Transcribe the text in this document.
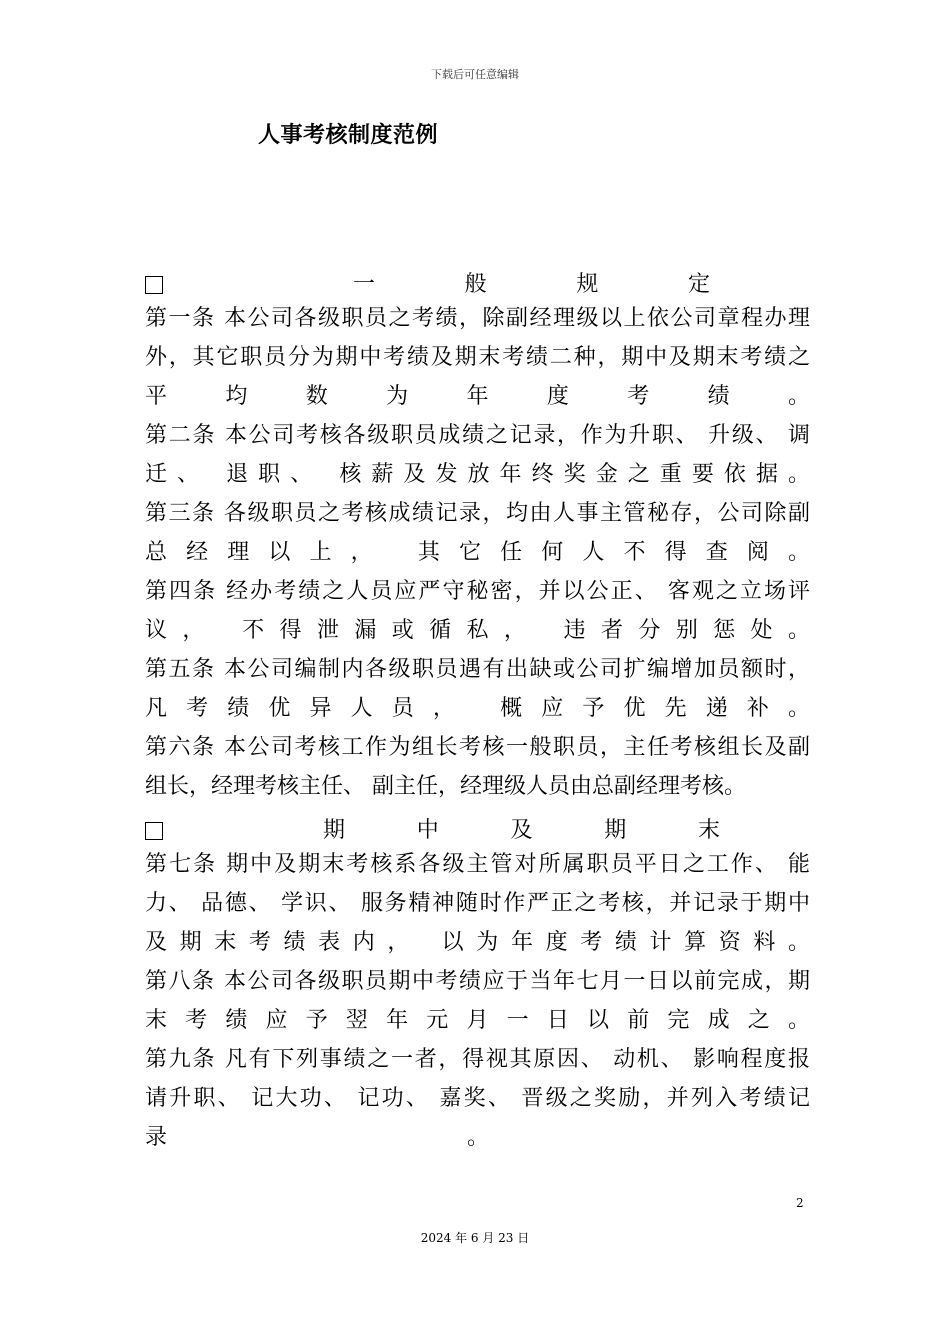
下载后可任意编辑
人事考核制度范例
一　般　规　定
第一条 本公司各级职员之考绩，除副经理级以上依公司章程办理
外，其它职员分为期中考绩及期末考绩二种，期中及期末考绩之
平均数为年度考绩。
第二条 本公司考核各级职员成绩之记录，作为升职、 升级、 调
迁、 退职、 核薪及发放年终奖金之重要依据。
第三条 各级职员之考核成绩记录，均由人事主管秘存，公司除副
总经理以上， 其它任何人不得查阅。
第四条 经办考绩之人员应严守秘密，并以公正、 客观之立场评
议， 不得泄漏或循私， 违者分别惩处。
第五条 本公司编制内各级职员遇有出缺或公司扩编增加员额时，
凡考绩优异人员， 概应予优先递补。
第六条 本公司考核工作为组长考核一般职员，主任考核组长及副
组长，经理考核主任、 副主任，经理级人员由总副经理考核。
期　中　及　期　末
第七条 期中及期末考核系各级主管对所属职员平日之工作、 能
力、 品德、 学识、 服务精神随时作严正之考核，并记录于期中
及期末考绩表内， 以为年度考绩计算资料。
第八条 本公司各级职员期中考绩应于当年七月一日以前完成，期
末考绩应予翌年元月一日以前完成之。
第九条 凡有下列事绩之一者，得视其原因、 动机、 影响程度报
请升职、 记大功、 记功、 嘉奖、 晋级之奖励，并列入考绩记
录	。
2
2024 年 6 月 23 日
